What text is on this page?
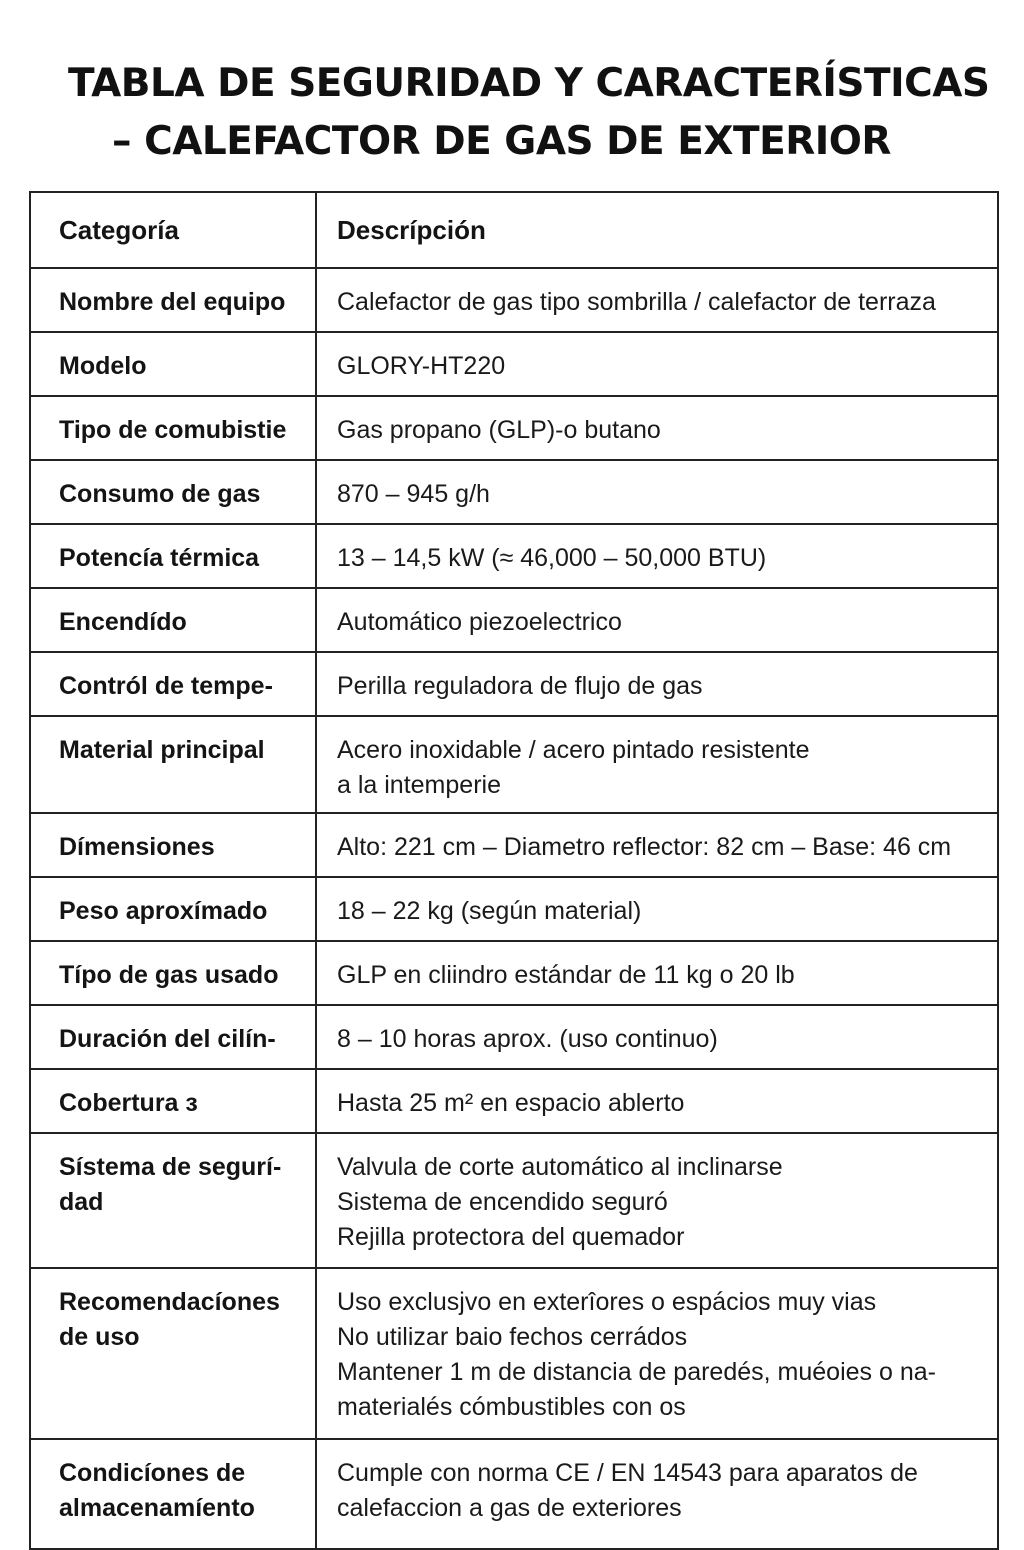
TABLA DE SEGURIDAD Y CARACTERÍSTICAS
– CALEFACTOR DE GAS DE EXTERIOR
Categoría	Descrípción

Nombre del equipo	Calefactor de gas tipo sombrilla / calefactor de terraza

Modelo	GLORY-HT220

Tipo de comubistie	Gas propano (GLP)-o butano

Consumo de gas	870 – 945 g/h

Potencía térmica	13 – 14,5 kW (≈ 46,000 – 50,000 BTU)

Encendído	Automático piezoelectrico

Contról de tempe-	Perilla reguladora de flujo de gas

Material principal	Acero inoxidable / acero pintado resistente
a la intemperie

Dímensiones	Alto: 221 cm – Diametro reflector: 82 cm – Base: 46 cm

Peso aproxímado	18 – 22 kg (según material)

Típo de gas usado	GLP en cliindro estándar de 11 kg o 20 lb

Duración del cilín-	8 – 10 horas aprox. (uso continuo)

Cobertura з	Hasta 25 m² en espacio ablerto

Sístema de segurí-
dad	Valvula de corte automático al inclinarse
Sistema de encendido seguró
Rejilla protectora del quemador

Recomendacíones
de uso	Uso exclusјvo en exterîores o espácios muy vias
No utilizar baio fechos cerrádos
Mantener 1 m de distancia de paredés, muéoies o na-
materialés cómbustibles con os

Condicíones de
almacenamíento	Cumple con norma CE / EN 14543 para aparatos de
calefaccion a gas de exteriores
